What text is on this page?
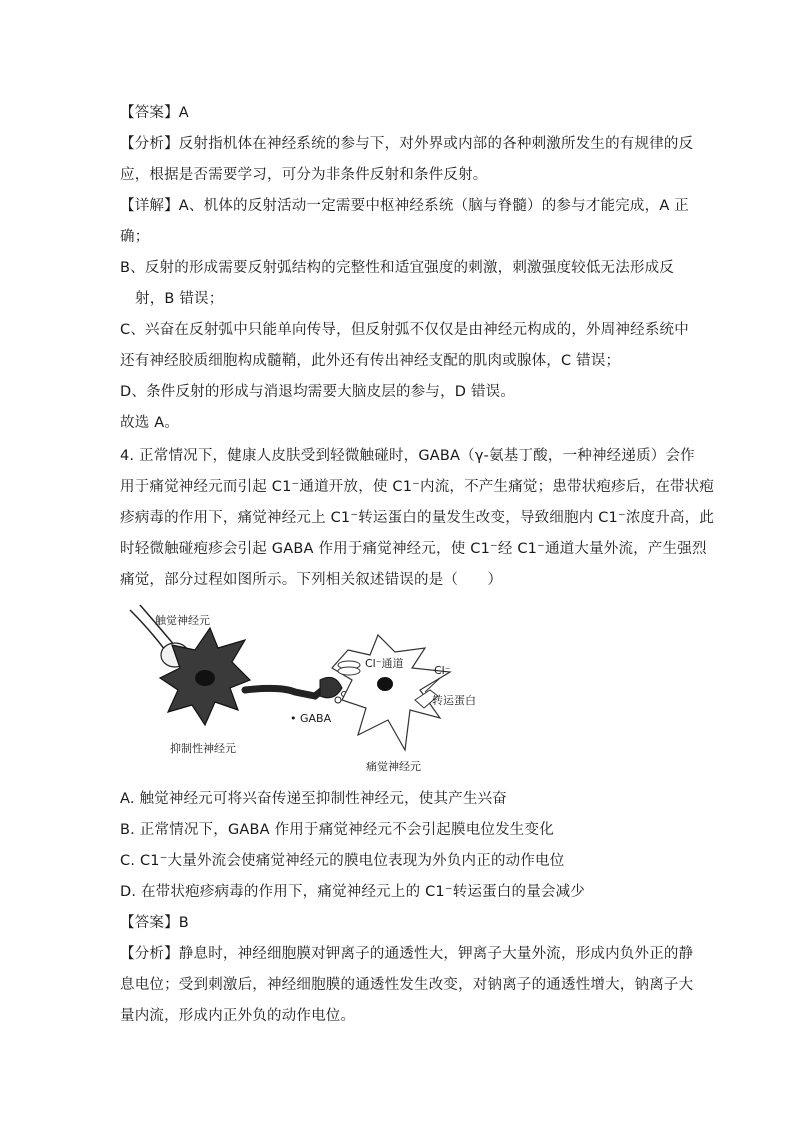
【答案】A
【分析】反射指机体在神经系统的参与下，对外界或内部的各种刺激所发生的有规律的反
应，根据是否需要学习，可分为非条件反射和条件反射。
【详解】A、机体的反射活动一定需要中枢神经系统（脑与脊髓）的参与才能完成，A 正
确；
B、反射的形成需要反射弧结构的完整性和适宜强度的刺激，刺激强度较低无法形成反
射，B 错误；
C、兴奋在反射弧中只能单向传导，但反射弧不仅仅是由神经元构成的，外周神经系统中
还有神经胶质细胞构成髓鞘，此外还有传出神经支配的肌肉或腺体，C 错误；
D、条件反射的形成与消退均需要大脑皮层的参与，D 错误。
故选 A。
4. 正常情况下，健康人皮肤受到轻微触碰时，GABA（γ-氨基丁酸，一种神经递质）会作
用于痛觉神经元而引起 C1⁻通道开放，使 C1⁻内流，不产生痛觉；患带状疱疹后，在带状疱
疹病毒的作用下，痛觉神经元上 C1⁻转运蛋白的量发生改变，导致细胞内 C1⁻浓度升高，此
时轻微触碰疱疹会引起 GABA 作用于痛觉神经元，使 C1⁻经 C1⁻通道大量外流，产生强烈
痛觉，部分过程如图所示。下列相关叙述错误的是（　　）
触觉神经元
• GABA
抑制性神经元
Cl⁻通道
Cl⁻
转运蛋白
痛觉神经元
A. 触觉神经元可将兴奋传递至抑制性神经元，使其产生兴奋
B. 正常情况下，GABA 作用于痛觉神经元不会引起膜电位发生变化
C. C1⁻大量外流会使痛觉神经元的膜电位表现为外负内正的动作电位
D. 在带状疱疹病毒的作用下，痛觉神经元上的 C1⁻转运蛋白的量会减少
【答案】B
【分析】静息时，神经细胞膜对钾离子的通透性大，钾离子大量外流，形成内负外正的静
息电位；受到刺激后，神经细胞膜的通透性发生改变，对钠离子的通透性增大，钠离子大
量内流，形成内正外负的动作电位。
